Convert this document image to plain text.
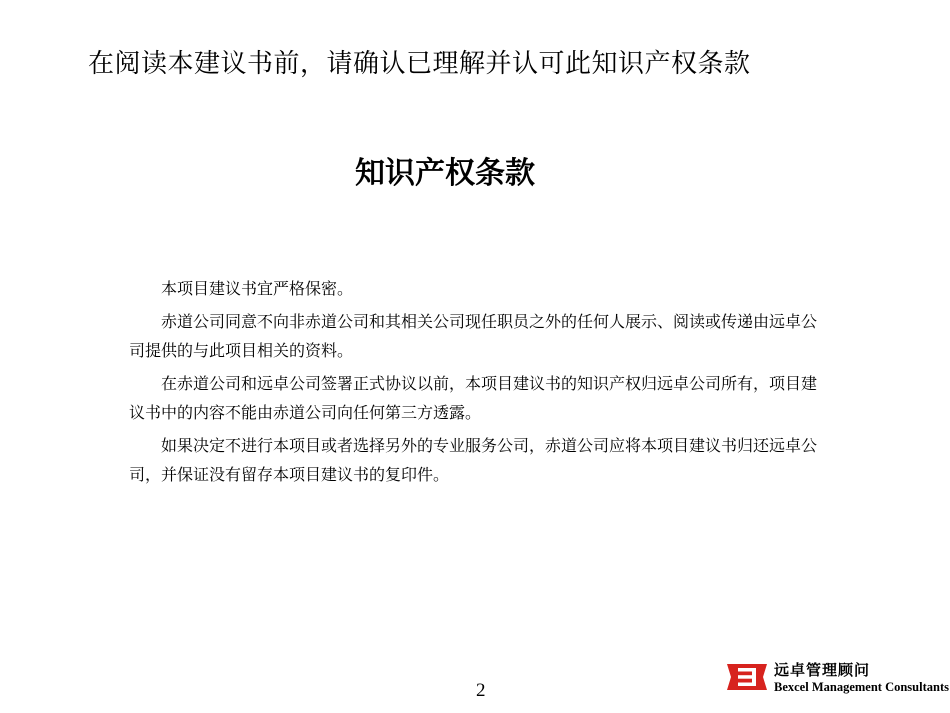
在阅读本建议书前，请确认已理解并认可此知识产权条款
知识产权条款

本项目建议书宜严格保密。

赤道公司同意不向非赤道公司和其相关公司现任职员之外的任何人展示、阅读或传递由远卓公司提供的与此项目相关的资料。

在赤道公司和远卓公司签署正式协议以前，本项目建议书的知识产权归远卓公司所有，项目建议书中的内容不能由赤道公司向任何第三方透露。

如果决定不进行本项目或者选择另外的专业服务公司，赤道公司应将本项目建议书归还远卓公司，并保证没有留存本项目建议书的复印件。

2
远卓管理顾问
Bexcel Management Consultants
